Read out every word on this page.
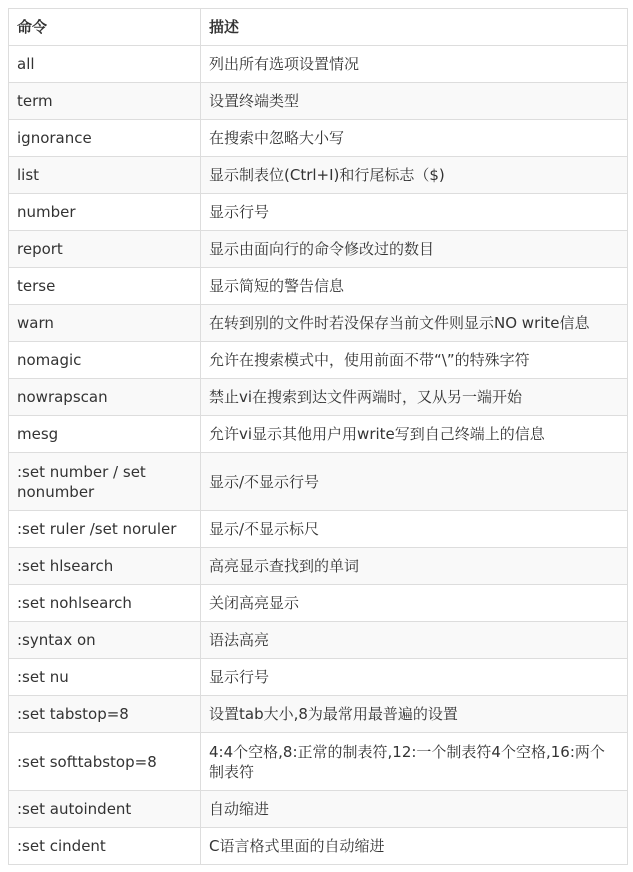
命令	描述
all	列出所有选项设置情况
term	设置终端类型
ignorance	在搜索中忽略大小写
list	显示制表位(Ctrl+I)和行尾标志（$)
number	显示行号
report	显示由面向行的命令修改过的数目
terse	显示简短的警告信息
warn	在转到别的文件时若没保存当前文件则显示NO write信息
nomagic	允许在搜索模式中，使用前面不带“\”的特殊字符
nowrapscan	禁止vi在搜索到达文件两端时，又从另一端开始
mesg	允许vi显示其他用户用write写到自己终端上的信息
:set number / set nonumber	显示/不显示行号
:set ruler /set noruler	显示/不显示标尺
:set hlsearch	高亮显示查找到的单词
:set nohlsearch	关闭高亮显示
:syntax on	语法高亮
:set nu	显示行号
:set tabstop=8	设置tab大小,8为最常用最普遍的设置
:set softtabstop=8	4:4个空格,8:正常的制表符,12:一个制表符4个空格,16:两个制表符
:set autoindent	自动缩进
:set cindent	C语言格式里面的自动缩进
